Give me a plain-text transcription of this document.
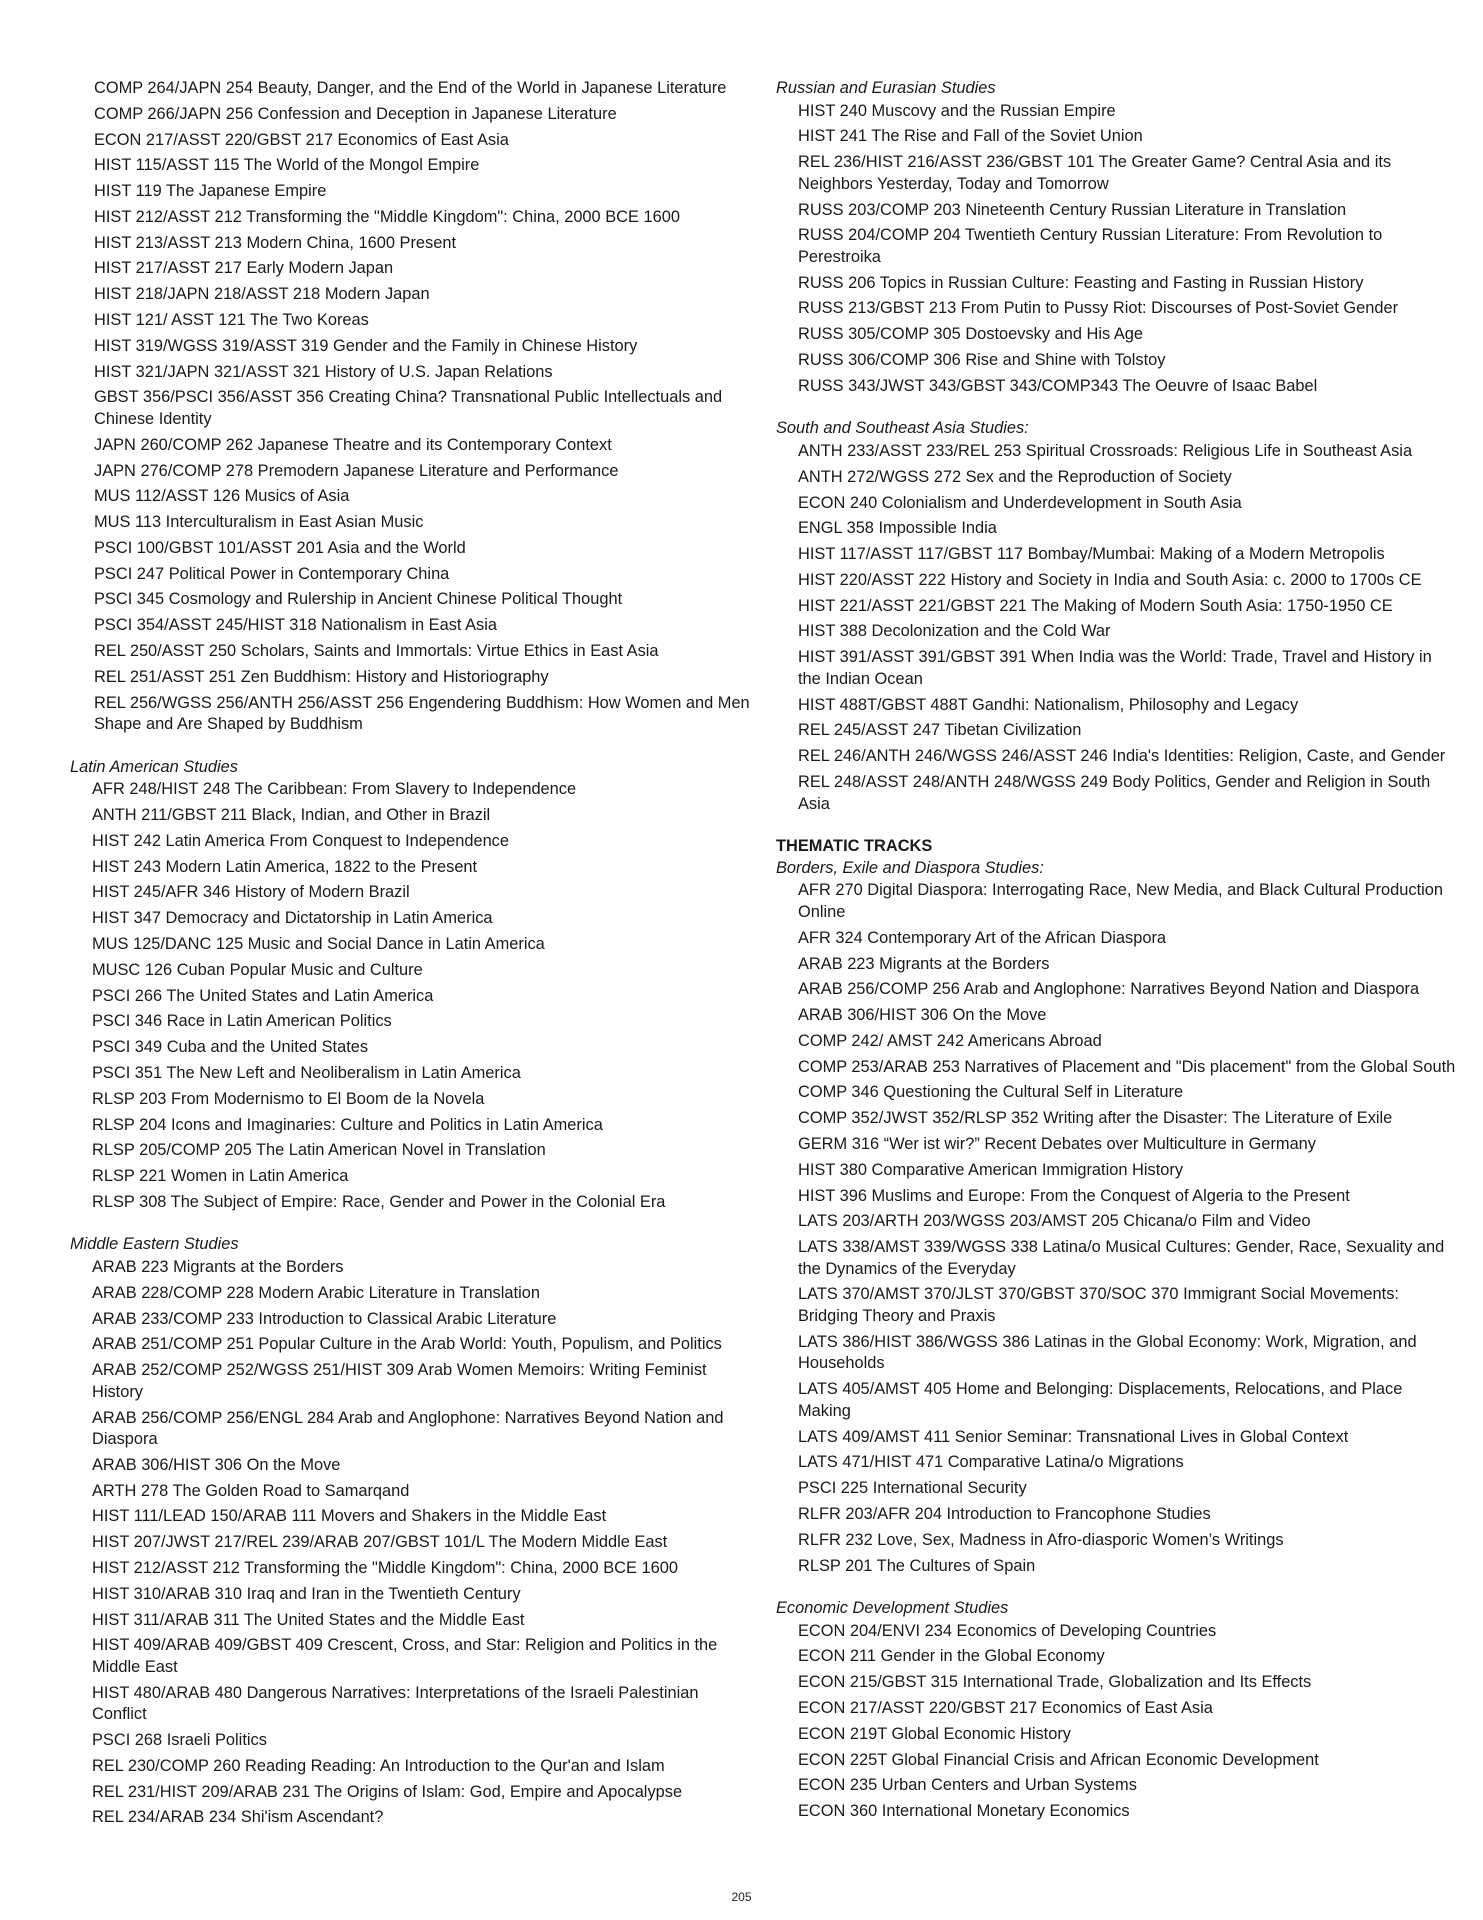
COMP 264/JAPN 254 Beauty, Danger, and the End of the World in Japanese Literature
COMP 266/JAPN 256 Confession and Deception in Japanese Literature
ECON 217/ASST 220/GBST 217 Economics of East Asia
HIST 115/ASST 115 The World of the Mongol Empire
HIST 119 The Japanese Empire
HIST 212/ASST 212 Transforming the "Middle Kingdom": China, 2000 BCE 1600
HIST 213/ASST 213 Modern China, 1600 Present
HIST 217/ASST 217 Early Modern Japan
HIST 218/JAPN 218/ASST 218 Modern Japan
HIST 121/ ASST 121 The Two Koreas
HIST 319/WGSS 319/ASST 319 Gender and the Family in Chinese History
HIST 321/JAPN 321/ASST 321 History of U.S. Japan Relations
GBST 356/PSCI 356/ASST 356 Creating China? Transnational Public Intellectuals and Chinese Identity
JAPN 260/COMP 262 Japanese Theatre and its Contemporary Context
JAPN 276/COMP 278 Premodern Japanese Literature and Performance
MUS 112/ASST 126 Musics of Asia
MUS 113 Interculturalism in East Asian Music
PSCI 100/GBST 101/ASST 201 Asia and the World
PSCI 247 Political Power in Contemporary China
PSCI 345 Cosmology and Rulership in Ancient Chinese Political Thought
PSCI 354/ASST 245/HIST 318 Nationalism in East Asia
REL 250/ASST 250 Scholars, Saints and Immortals: Virtue Ethics in East Asia
REL 251/ASST 251 Zen Buddhism: History and Historiography
REL 256/WGSS 256/ANTH 256/ASST 256 Engendering Buddhism: How Women and Men Shape and Are Shaped by Buddhism
Latin American Studies
AFR 248/HIST 248 The Caribbean: From Slavery to Independence
ANTH 211/GBST 211 Black, Indian, and Other in Brazil
HIST 242 Latin America From Conquest to Independence
HIST 243 Modern Latin America, 1822 to the Present
HIST 245/AFR 346 History of Modern Brazil
HIST 347 Democracy and Dictatorship in Latin America
MUS 125/DANC 125 Music and Social Dance in Latin America
MUSC 126 Cuban Popular Music and Culture
PSCI 266 The United States and Latin America
PSCI 346 Race in Latin American Politics
PSCI 349 Cuba and the United States
PSCI 351 The New Left and Neoliberalism in Latin America
RLSP 203 From Modernismo to El Boom de la Novela
RLSP 204 Icons and Imaginaries: Culture and Politics in Latin America
RLSP 205/COMP 205 The Latin American Novel in Translation
RLSP 221 Women in Latin America
RLSP 308 The Subject of Empire: Race, Gender and Power in the Colonial Era
Middle Eastern Studies
ARAB 223 Migrants at the Borders
ARAB 228/COMP 228 Modern Arabic Literature in Translation
ARAB 233/COMP 233 Introduction to Classical Arabic Literature
ARAB 251/COMP 251 Popular Culture in the Arab World: Youth, Populism, and Politics
ARAB 252/COMP 252/WGSS 251/HIST 309 Arab Women Memoirs: Writing Feminist History
ARAB 256/COMP 256/ENGL 284 Arab and Anglophone: Narratives Beyond Nation and Diaspora
ARAB 306/HIST 306 On the Move
ARTH 278 The Golden Road to Samarqand
HIST 111/LEAD 150/ARAB 111 Movers and Shakers in the Middle East
HIST 207/JWST 217/REL 239/ARAB 207/GBST 101/L The Modern Middle East
HIST 212/ASST 212 Transforming the "Middle Kingdom": China, 2000 BCE 1600
HIST 310/ARAB 310 Iraq and Iran in the Twentieth Century
HIST 311/ARAB 311 The United States and the Middle East
HIST 409/ARAB 409/GBST 409 Crescent, Cross, and Star: Religion and Politics in the Middle East
HIST 480/ARAB 480 Dangerous Narratives: Interpretations of the Israeli Palestinian Conflict
PSCI 268 Israeli Politics
REL 230/COMP 260 Reading Reading: An Introduction to the Qur'an and Islam
REL 231/HIST 209/ARAB 231 The Origins of Islam: God, Empire and Apocalypse
REL 234/ARAB 234 Shi'ism Ascendant?
Russian and Eurasian Studies
HIST 240 Muscovy and the Russian Empire
HIST 241 The Rise and Fall of the Soviet Union
REL 236/HIST 216/ASST 236/GBST 101 The Greater Game? Central Asia and its Neighbors Yesterday, Today and Tomorrow
RUSS 203/COMP 203 Nineteenth Century Russian Literature in Translation
RUSS 204/COMP 204 Twentieth Century Russian Literature: From Revolution to Perestroika
RUSS 206 Topics in Russian Culture: Feasting and Fasting in Russian History
RUSS 213/GBST 213 From Putin to Pussy Riot: Discourses of Post-Soviet Gender
RUSS 305/COMP 305 Dostoevsky and His Age
RUSS 306/COMP 306 Rise and Shine with Tolstoy
RUSS 343/JWST 343/GBST 343/COMP343 The Oeuvre of Isaac Babel
South and Southeast Asia Studies:
ANTH 233/ASST 233/REL 253 Spiritual Crossroads: Religious Life in Southeast Asia
ANTH 272/WGSS 272 Sex and the Reproduction of Society
ECON 240 Colonialism and Underdevelopment in South Asia
ENGL 358 Impossible India
HIST 117/ASST 117/GBST 117 Bombay/Mumbai: Making of a Modern Metropolis
HIST 220/ASST 222 History and Society in India and South Asia: c. 2000 to 1700s CE
HIST 221/ASST 221/GBST 221 The Making of Modern South Asia: 1750-1950 CE
HIST 388 Decolonization and the Cold War
HIST 391/ASST 391/GBST 391 When India was the World: Trade, Travel and History in the Indian Ocean
HIST 488T/GBST 488T Gandhi: Nationalism, Philosophy and Legacy
REL 245/ASST 247 Tibetan Civilization
REL 246/ANTH 246/WGSS 246/ASST 246 India's Identities: Religion, Caste, and Gender
REL 248/ASST 248/ANTH 248/WGSS 249 Body Politics, Gender and Religion in South Asia
THEMATIC TRACKS
Borders, Exile and Diaspora Studies:
AFR 270 Digital Diaspora: Interrogating Race, New Media, and Black Cultural Production Online
AFR 324 Contemporary Art of the African Diaspora
ARAB 223 Migrants at the Borders
ARAB 256/COMP 256 Arab and Anglophone: Narratives Beyond Nation and Diaspora
ARAB 306/HIST 306 On the Move
COMP 242/ AMST 242 Americans Abroad
COMP 253/ARAB 253 Narratives of Placement and "Dis placement" from the Global South
COMP 346 Questioning the Cultural Self in Literature
COMP 352/JWST 352/RLSP 352 Writing after the Disaster: The Literature of Exile
GERM 316 “Wer ist wir?” Recent Debates over Multiculture in Germany
HIST 380 Comparative American Immigration History
HIST 396 Muslims and Europe: From the Conquest of Algeria to the Present
LATS 203/ARTH 203/WGSS 203/AMST 205 Chicana/o Film and Video
LATS 338/AMST 339/WGSS 338 Latina/o Musical Cultures: Gender, Race, Sexuality and the Dynamics of the Everyday
LATS 370/AMST 370/JLST 370/GBST 370/SOC 370 Immigrant Social Movements: Bridging Theory and Praxis
LATS 386/HIST 386/WGSS 386 Latinas in the Global Economy: Work, Migration, and Households
LATS 405/AMST 405 Home and Belonging: Displacements, Relocations, and Place Making
LATS 409/AMST 411 Senior Seminar: Transnational Lives in Global Context
LATS 471/HIST 471 Comparative Latina/o Migrations
PSCI 225 International Security
RLFR 203/AFR 204 Introduction to Francophone Studies
RLFR 232 Love, Sex, Madness in Afro-diasporic Women’s Writings
RLSP 201 The Cultures of Spain
Economic Development Studies
ECON 204/ENVI 234 Economics of Developing Countries
ECON 211 Gender in the Global Economy
ECON 215/GBST 315 International Trade, Globalization and Its Effects
ECON 217/ASST 220/GBST 217 Economics of East Asia
ECON 219T Global Economic History
ECON 225T Global Financial Crisis and African Economic Development
ECON 235 Urban Centers and Urban Systems
ECON 360 International Monetary Economics
205
